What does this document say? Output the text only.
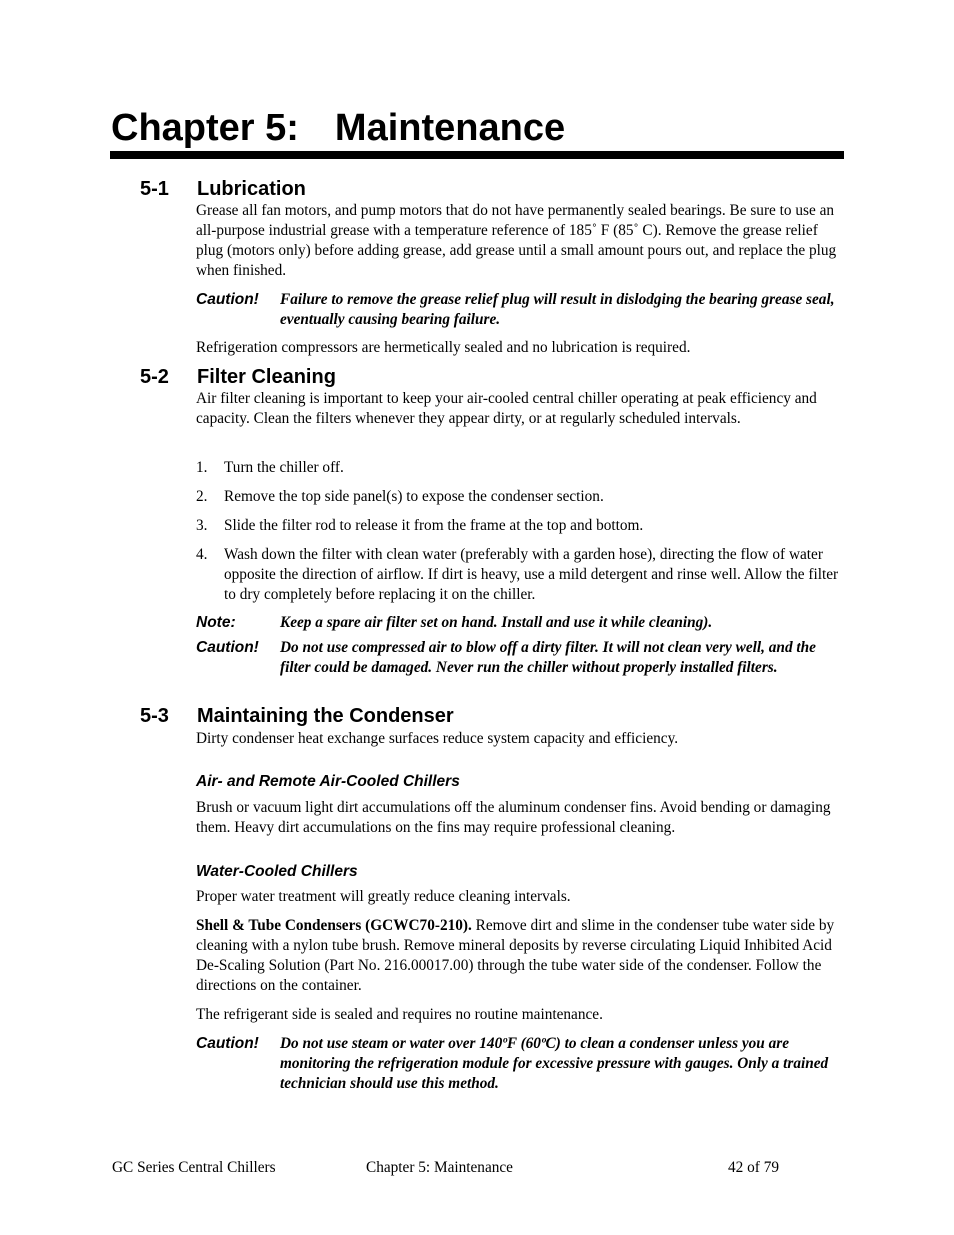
Chapter 5: Maintenance
5-1 Lubrication
Grease all fan motors, and pump motors that do not have permanently sealed bearings. Be sure to use an all-purpose industrial grease with a temperature reference of 185˚ F (85˚ C). Remove the grease relief plug (motors only) before adding grease, add grease until a small amount pours out, and replace the plug when finished.
Caution! Failure to remove the grease relief plug will result in dislodging the bearing grease seal, eventually causing bearing failure.
Refrigeration compressors are hermetically sealed and no lubrication is required.
5-2 Filter Cleaning
Air filter cleaning is important to keep your air-cooled central chiller operating at peak efficiency and capacity. Clean the filters whenever they appear dirty, or at regularly scheduled intervals.
1. Turn the chiller off.
2. Remove the top side panel(s) to expose the condenser section.
3. Slide the filter rod to release it from the frame at the top and bottom.
4. Wash down the filter with clean water (preferably with a garden hose), directing the flow of water opposite the direction of airflow. If dirt is heavy, use a mild detergent and rinse well. Allow the filter to dry completely before replacing it on the chiller.
Note:	Keep a spare air filter set on hand. Install and use it while cleaning).
Caution! Do not use compressed air to blow off a dirty filter. It will not clean very well, and the filter could be damaged. Never run the chiller without properly installed filters.
5-3 Maintaining the Condenser
Dirty condenser heat exchange surfaces reduce system capacity and efficiency.
Air- and Remote Air-Cooled Chillers
Brush or vacuum light dirt accumulations off the aluminum condenser fins. Avoid bending or damaging them. Heavy dirt accumulations on the fins may require professional cleaning.
Water-Cooled Chillers
Proper water treatment will greatly reduce cleaning intervals.
Shell & Tube Condensers (GCWC70-210). Remove dirt and slime in the condenser tube water side by cleaning with a nylon tube brush. Remove mineral deposits by reverse circulating Liquid Inhibited Acid De-Scaling Solution (Part No. 216.00017.00) through the tube water side of the condenser. Follow the directions on the container.
The refrigerant side is sealed and requires no routine maintenance.
Caution! Do not use steam or water over 140ºF (60ºC) to clean a condenser unless you are monitoring the refrigeration module for excessive pressure with gauges. Only a trained technician should use this method.
GC Series Central Chillers	Chapter 5: Maintenance	42 of 79
